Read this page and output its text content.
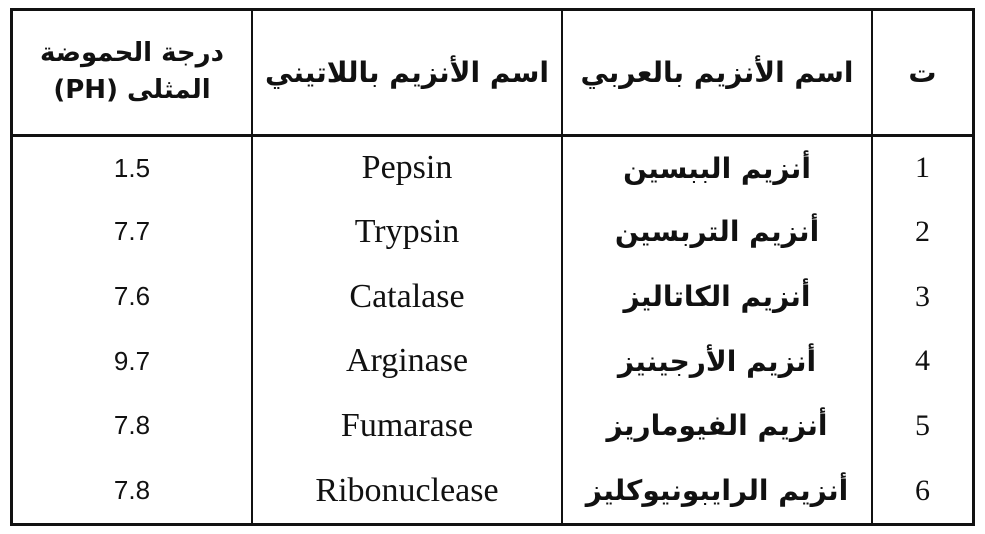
درجة الحموضة المثلى (PH)	اسم الأنزيم باللاتيني	اسم الأنزيم بالعربي	ت
1.5	Pepsin	أنزيم الببسين	1
7.7	Trypsin	أنزيم التربسين	2
7.6	Catalase	أنزيم الكاتاليز	3
9.7	Arginase	أنزيم الأرجينيز	4
7.8	Fumarase	أنزيم الفيوماريز	5
7.8	Ribonuclease	أنزيم الرايبونيوكليز	6
